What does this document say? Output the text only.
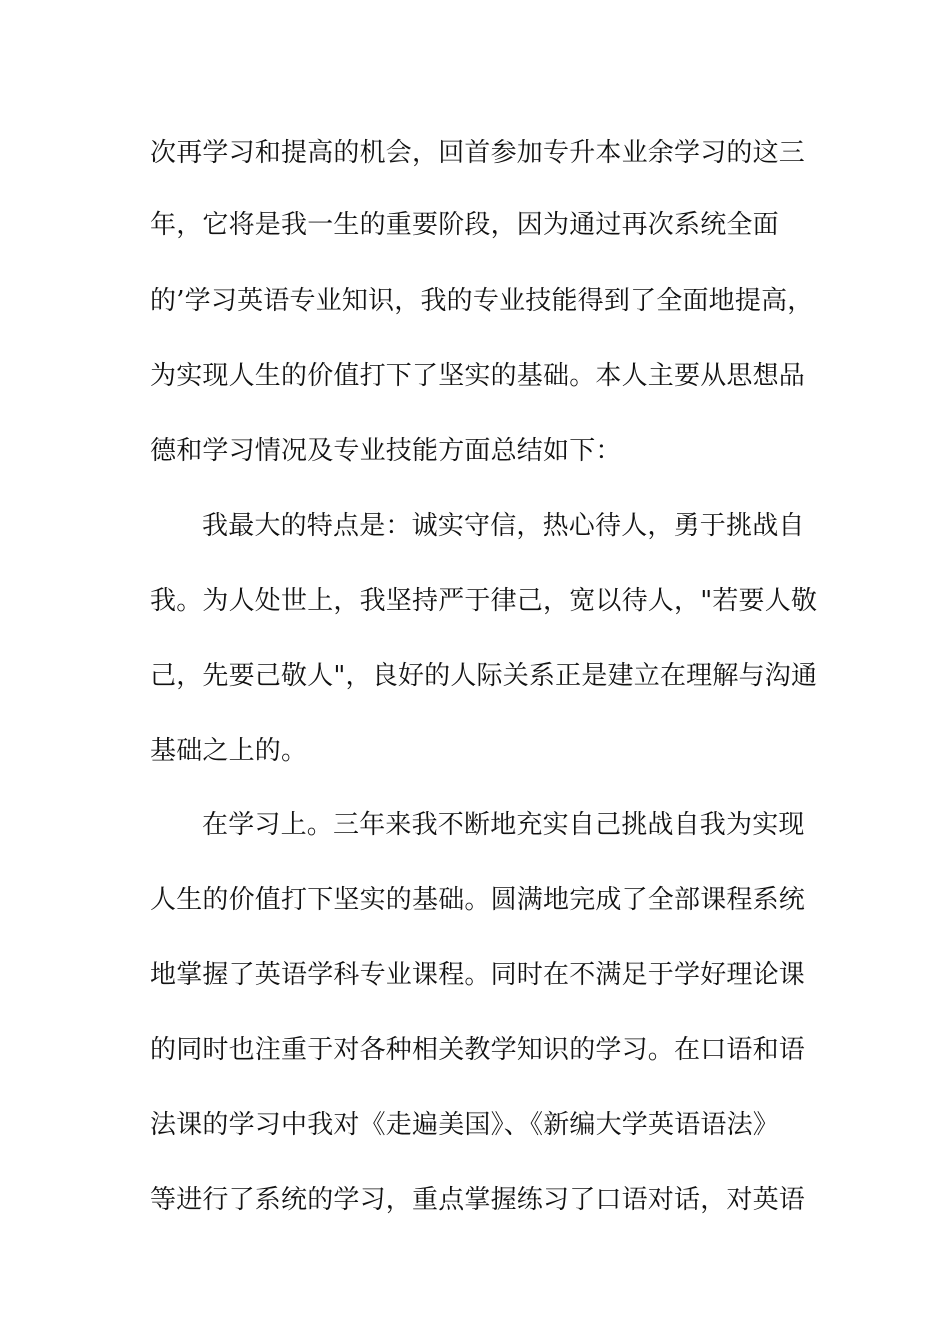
次再学习和提高的机会，回首参加专升本业余学习的这三
年，它将是我一生的重要阶段，因为通过再次系统全面
的’学习英语专业知识，我的专业技能得到了全面地提高，
为实现人生的价值打下了坚实的基础。本人主要从思想品
德和学习情况及专业技能方面总结如下：
我最大的特点是：诚实守信，热心待人，勇于挑战自
我。为人处世上，我坚持严于律己，宽以待人，"若要人敬
己，先要己敬人"，良好的人际关系正是建立在理解与沟通
基础之上的。
在学习上。三年来我不断地充实自己挑战自我为实现
人生的价值打下坚实的基础。圆满地完成了全部课程系统
地掌握了英语学科专业课程。同时在不满足于学好理论课
的同时也注重于对各种相关教学知识的学习。在口语和语
法课的学习中我对《走遍美国》、《新编大学英语语法》
等进行了系统的学习，重点掌握练习了口语对话，对英语
